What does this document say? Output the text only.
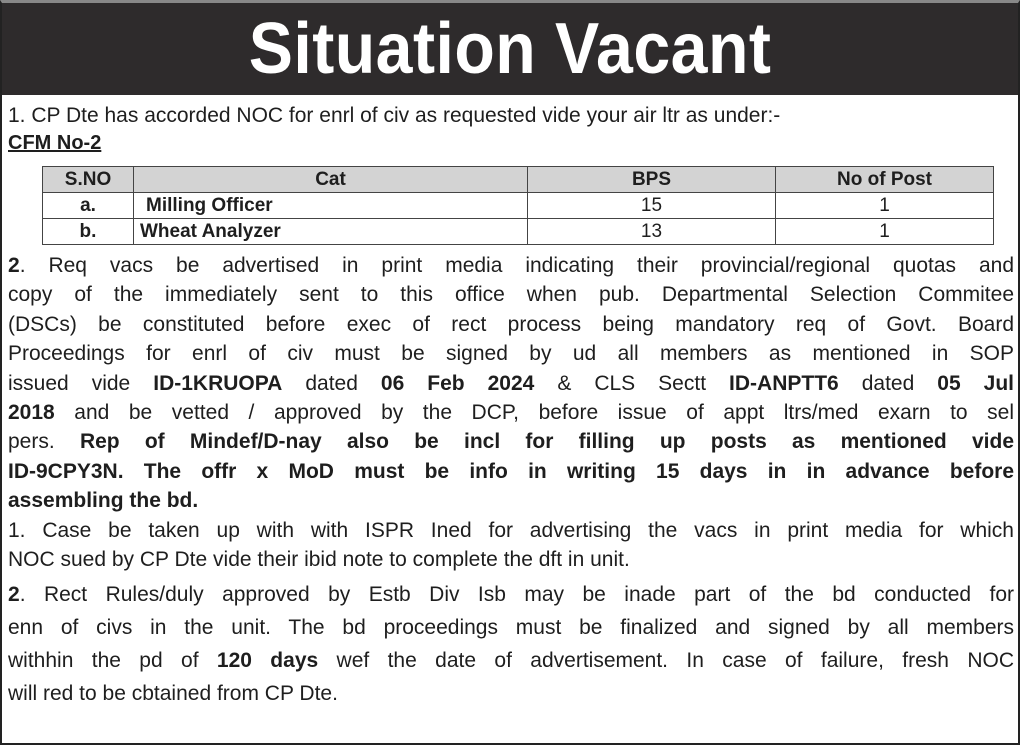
Situation Vacant
1. CP Dte has accorded NOC for enrl of civ as requested vide your air ltr as under:-
CFM No-2
S.NO	Cat	BPS	No of Post
a.	Milling Officer	15	1
b.	Wheat Analyzer	13	1
2. Req vacs be advertised in print media indicating their provincial/regional quotas and
copy of the immediately sent to this office when pub. Departmental Selection Commitee
(DSCs) be constituted before exec of rect process being mandatory req of Govt. Board
Proceedings for enrl of civ must be signed by ud all members as mentioned in SOP
issued vide ID-1KRUOPA dated 06 Feb 2024 & CLS Sectt ID-ANPTT6 dated 05 Jul
2018 and be vetted / approved by the DCP, before issue of appt ltrs/med exarn to sel
pers. Rep of Mindef/D-nay also be incl for filling up posts as mentioned vide
ID-9CPY3N. The offr x MoD must be info in writing 15 days in in advance before
assembling the bd.
1. Case be taken up with with ISPR Ined for advertising the vacs in print media for which
NOC sued by CP Dte vide their ibid note to complete the dft in unit.
2. Rect Rules/duly approved by Estb Div Isb may be inade part of the bd conducted for
enn of civs in the unit. The bd proceedings must be finalized and signed by all members
withhin the pd of 120 days wef the date of advertisement. In case of failure, fresh NOC
will red to be cbtained from CP Dte.
